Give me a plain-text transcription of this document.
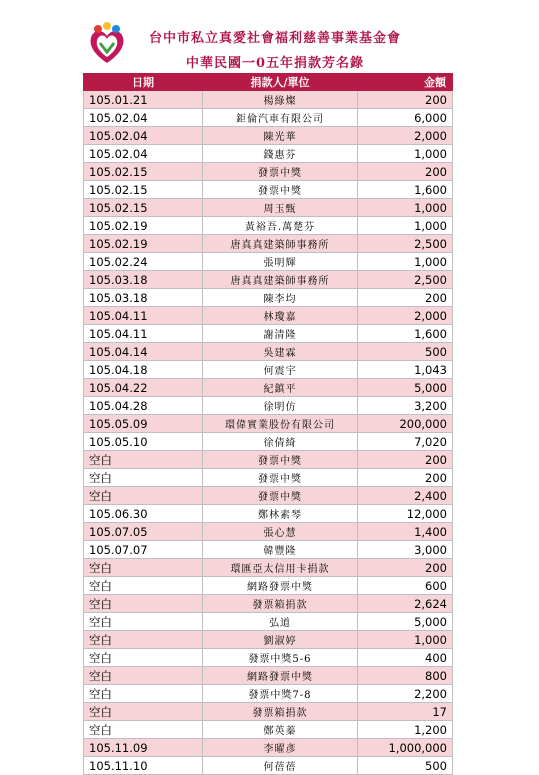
台中市私立真愛社會福利慈善事業基金會
中華民國一0五年捐款芳名錄
日期	捐款人/單位	金額
105.01.21	楊綠燦	200
105.02.04	鉅倫汽車有限公司	6,000
105.02.04	陳光華	2,000
105.02.04	錢惠芬	1,000
105.02.15	發票中獎	200
105.02.15	發票中獎	1,600
105.02.15	周玉甄	1,000
105.02.19	黃裕吾.萬楚芬	1,000
105.02.19	唐真真建築師事務所	2,500
105.02.24	張明輝	1,000
105.03.18	唐真真建築師事務所	2,500
105.03.18	陳李均	200
105.04.11	林瓊嘉	2,000
105.04.11	謝清隆	1,600
105.04.14	吳建霖	500
105.04.18	何震宇	1,043
105.04.22	紀鎮平	5,000
105.04.28	徐明仿	3,200
105.05.09	環偉實業股份有限公司	200,000
105.05.10	徐倩綺	7,020
空白	發票中獎	200
空白	發票中獎	200
空白	發票中獎	2,400
105.06.30	鄭林素琴	12,000
105.07.05	張心慧	1,400
105.07.07	韓豐隆	3,000
空白	環匯亞太信用卡捐款	200
空白	網路發票中獎	600
空白	發票箱捐款	2,624
空白	弘道	5,000
空白	劉淑婷	1,000
空白	發票中獎5-6	400
空白	網路發票中獎	800
空白	發票中獎7-8	2,200
空白	發票箱捐款	17
空白	鄭英蓁	1,200
105.11.09	李曜彥	1,000,000
105.11.10	何蓓蓓	500
